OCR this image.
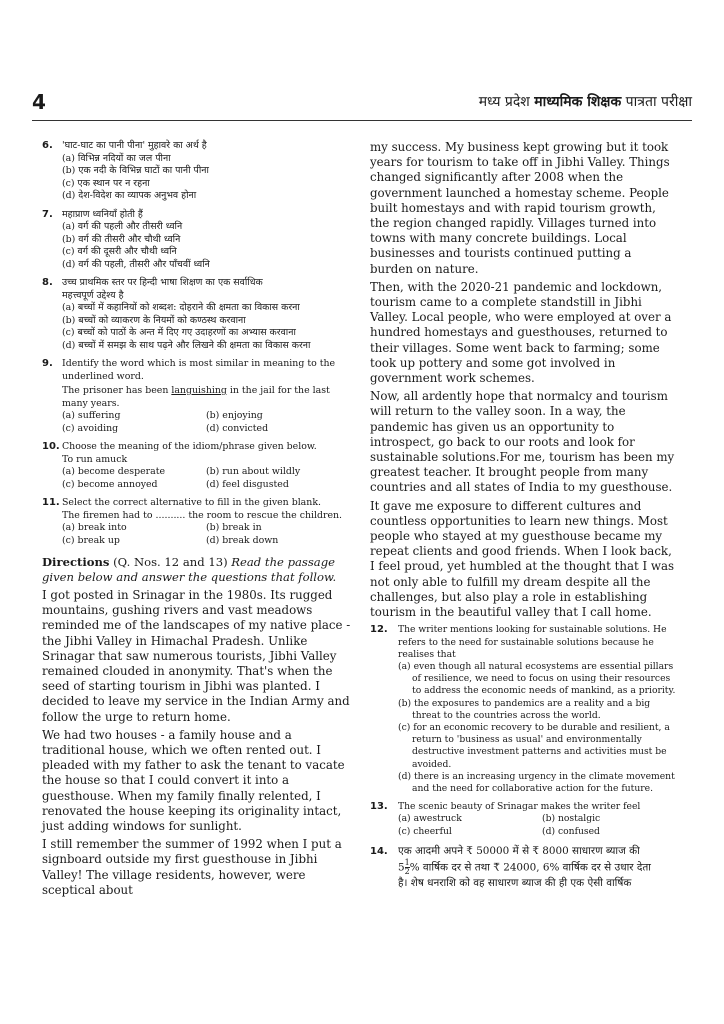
4	मध्य प्रदेश माध्यमिक शिक्षक पात्रता परीक्षा
6. 'घाट-घाट का पानी पीना' मुहावरे का अर्थ है
(a) विभिन्न नदियों का जल पीना
(b) एक नदी के विभिन्न घाटों का पानी पीना
(c) एक स्थान पर न रहना
(d) देश-विदेश का व्यापक अनुभव होना
7. महाप्राण ध्वनियाँ होती हैं
(a) वर्ग की पहली और तीसरी ध्वनि
(b) वर्ग की तीसरी और चौथी ध्वनि
(c) वर्ग की दूसरी और चौथी ध्वनि
(d) वर्ग की पहली, तीसरी और पाँचवीं ध्वनि
8. उच्च प्राथमिक स्तर पर हिन्दी भाषा शिक्षण का एक सर्वाधिक
महत्त्वपूर्ण उद्देश्य है
(a) बच्चों में कहानियों को शब्दश: दोहराने की क्षमता का विकास करना
(b) बच्चों को व्याकरण के नियमों को कण्ठस्थ करवाना
(c) बच्चों को पाठों के अन्त में दिए गए उदाहरणों का अभ्यास करवाना
(d) बच्चों में समझ के साथ पढ़ने और लिखने की क्षमता का विकास करना
9. Identify the word which is most similar in meaning to the
underlined word.
The prisoner has been languishing in the jail for the last
many years.
(a) suffering	(b) enjoying
(c) avoiding	(d) convicted
10. Choose the meaning of the idiom/phrase given below.
To run amuck
(a) become desperate	(b) run about wildly
(c) become annoyed	(d) feel disgusted
11. Select the correct alternative to fill in the given blank.
The firemen had to .......... the room to rescue the children.
(a) break into	(b) break in
(c) break up	(d) break down
Directions (Q. Nos. 12 and 13) Read the passage given below and answer the questions that follow.

I got posted in Srinagar in the 1980s. Its rugged mountains, gushing rivers and vast meadows reminded me of the landscapes of my native place - the Jibhi Valley in Himachal Pradesh. Unlike Srinagar that saw numerous tourists, Jibhi Valley remained clouded in anonymity. That's when the seed of starting tourism in Jibhi was planted. I decided to leave my service in the Indian Army and follow the urge to return home.

We had two houses - a family house and a traditional house, which we often rented out. I pleaded with my father to ask the tenant to vacate the house so that I could convert it into a guesthouse. When my family finally relented, I renovated the house keeping its originality intact, just adding windows for sunlight.

I still remember the summer of 1992 when I put a signboard outside my first guesthouse in Jibhi Valley! The village residents, however, were sceptical about

my success. My business kept growing but it took years for tourism to take off in Jibhi Valley. Things changed significantly after 2008 when the government launched a homestay scheme. People built homestays and with rapid tourism growth, the region changed rapidly. Villages turned into towns with many concrete buildings. Local businesses and tourists continued putting a burden on nature.

Then, with the 2020-21 pandemic and lockdown, tourism came to a complete standstill in Jibhi Valley. Local people, who were employed at over a hundred homestays and guesthouses, returned to their villages. Some went back to farming; some took up pottery and some got involved in government work schemes.

Now, all ardently hope that normalcy and tourism will return to the valley soon. In a way, the pandemic has given us an opportunity to introspect, go back to our roots and look for sustainable solutions.For me, tourism has been my greatest teacher. It brought people from many countries and all states of India to my guesthouse.

It gave me exposure to different cultures and countless opportunities to learn new things. Most people who stayed at my guesthouse became my repeat clients and good friends. When I look back, I feel proud, yet humbled at the thought that I was not only able to fulfill my dream despite all the challenges, but also play a role in establishing tourism in the beautiful valley that I call home.

12. The writer mentions looking for sustainable solutions. He refers to the need for sustainable solutions because he realises that
(a) even though all natural ecosystems are essential pillars of resilience, we need to focus on using their resources to address the economic needs of mankind, as a priority.
(b) the exposures to pandemics are a reality and a big threat to the countries across the world.
(c) for an economic recovery to be durable and resilient, a return to 'business as usual' and environmentally destructive investment patterns and activities must be avoided.
(d) there is an increasing urgency in the climate movement and the need for collaborative action for the future.
13. The scenic beauty of Srinagar makes the writer feel
(a) awestruck	(b) nostalgic
(c) cheerful	(d) confused
14. एक आदमी अपने ₹ 50000 में से ₹ 8000 साधारण ब्याज की
$5 \frac{1}{2}$ % वार्षिक दर से तथा ₹ 24000, 6% वार्षिक दर से उधार देता
है। शेष धनराशि को वह साधारण ब्याज की ही एक ऐसी वार्षिक
